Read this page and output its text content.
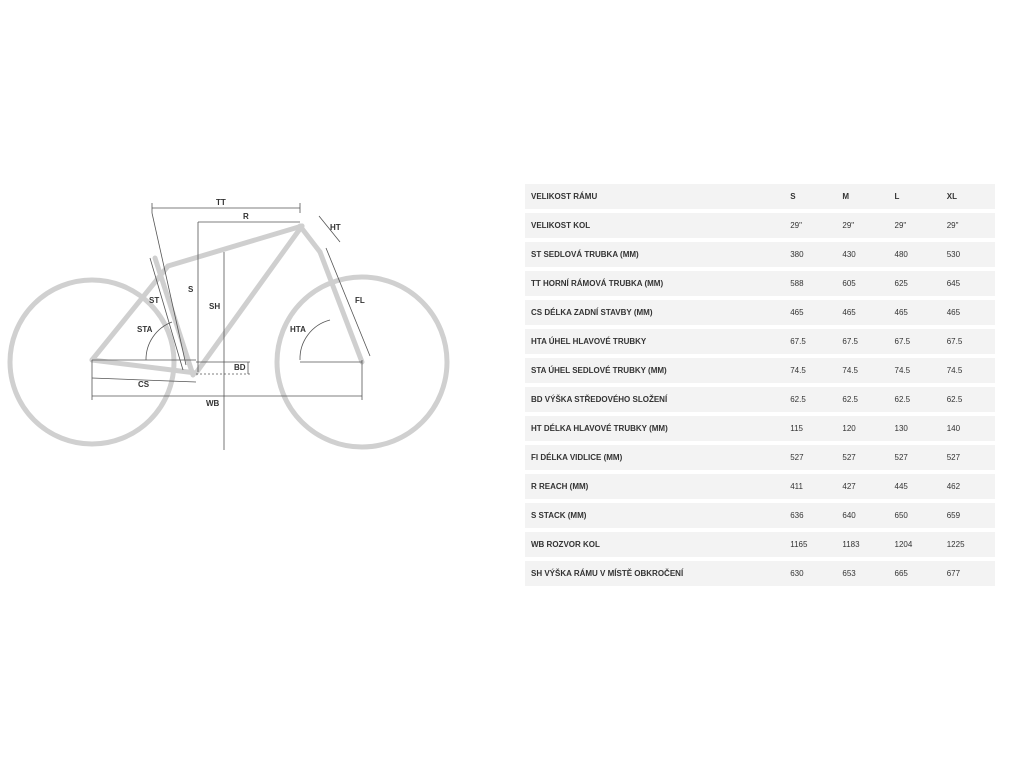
TT
R
HT
ST
S
SH
STA	HTA
FL
BD
CS
WB
VELIKOST RÁMU	S	M	L	XL
VELIKOST KOL	29"	29"	29"	29"
ST SEDLOVÁ TRUBKA (MM)	380	430	480	530
TT HORNÍ RÁMOVÁ TRUBKA (MM)	588	605	625	645
CS DÉLKA ZADNÍ STAVBY (MM)	465	465	465	465
HTA ÚHEL HLAVOVÉ TRUBKY	67.5	67.5	67.5	67.5
STA ÚHEL SEDLOVÉ TRUBKY (MM)	74.5	74.5	74.5	74.5
BD VÝŠKA STŘEDOVÉHO SLOŽENÍ	62.5	62.5	62.5	62.5
HT DÉLKA HLAVOVÉ TRUBKY (MM)	115	120	130	140
FI DÉLKA VIDLICE (MM)	527	527	527	527
R REACH (MM)	411	427	445	462
S STACK (MM)	636	640	650	659
WB ROZVOR KOL	1165	1183	1204	1225
SH VÝŠKA RÁMU V MÍSTĚ OBKROČENÍ	630	653	665	677
